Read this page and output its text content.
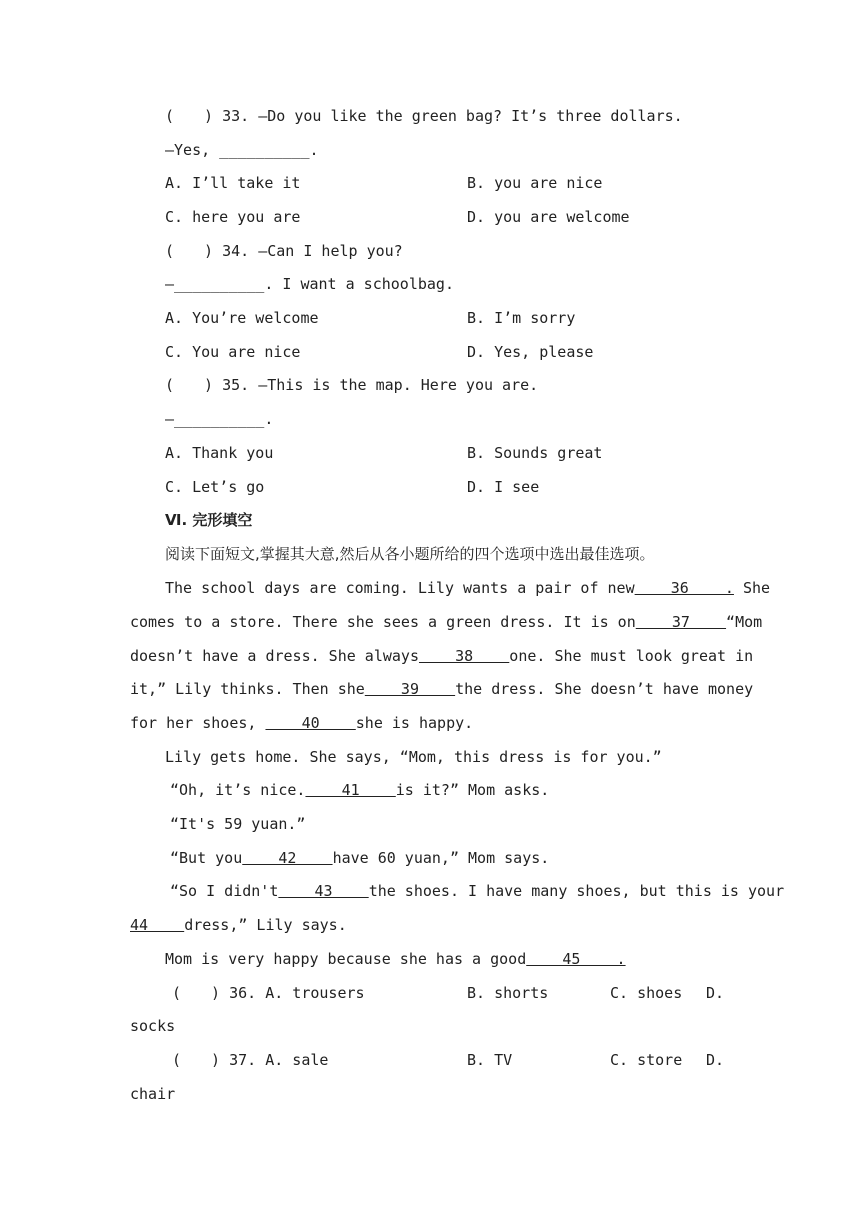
(　　) 33. —Do you like the green bag? It’s three dollars.
—Yes, __________.
A. I’ll take it	B. you are nice
C. here you are	D. you are welcome
(　　) 34. —Can I help you?
—__________. I want a schoolbag.
A. You’re welcome	B. I’m sorry
C. You are nice	D. Yes, please
(　　) 35. —This is the map. Here you are.
—__________.
A. Thank you	B. Sounds great
C. Let’s go	D. I see
Ⅵ. 完形填空
阅读下面短文,掌握其大意,然后从各小题所给的四个选项中选出最佳选项。
The school days are coming. Lily wants a pair of new    36    . She
comes to a store. There she sees a green dress. It is on    37    “Mom
doesn’t have a dress. She always    38    one. She must look great in
it,” Lily thinks. Then she    39    the dress. She doesn’t have money
for her shoes,     40    she is happy.
Lily gets home. She says, “Mom, this dress is for you.”
“Oh, it’s nice.    41    is it?” Mom asks.
“It's 59 yuan.”
“But you    42    have 60 yuan,” Mom says.
“So I didn't    43    the shoes. I have many shoes, but this is your
44    dress,” Lily says.
Mom is very happy because she has a good    45    .
(　　) 36. A. trousers	B. shorts	C. shoes D.
socks
(　　) 37. A. sale	B. TV	C. store D.
chair
